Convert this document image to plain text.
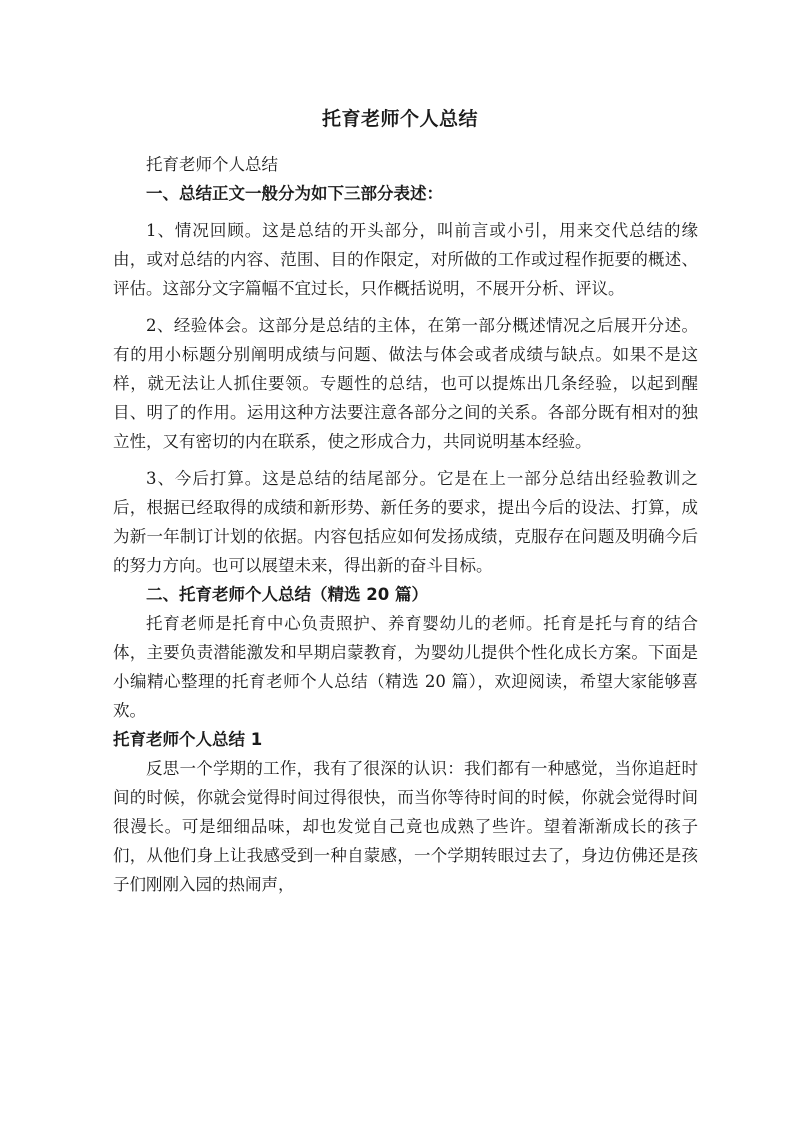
托育老师个人总结

托育老师个人总结

一、总结正文一般分为如下三部分表述：

1、情况回顾。这是总结的开头部分，叫前言或小引，用来交代总结的缘由，或对总结的内容、范围、目的作限定，对所做的工作或过程作扼要的概述、评估。这部分文字篇幅不宜过长，只作概括说明，不展开分析、评议。

2、经验体会。这部分是总结的主体，在第一部分概述情况之后展开分述。有的用小标题分别阐明成绩与问题、做法与体会或者成绩与缺点。如果不是这样，就无法让人抓住要领。专题性的总结，也可以提炼出几条经验，以起到醒目、明了的作用。运用这种方法要注意各部分之间的关系。各部分既有相对的独立性，又有密切的内在联系，使之形成合力，共同说明基本经验。

3、今后打算。这是总结的结尾部分。它是在上一部分总结出经验教训之后，根据已经取得的成绩和新形势、新任务的要求，提出今后的设法、打算，成为新一年制订计划的依据。内容包括应如何发扬成绩，克服存在问题及明确今后的努力方向。也可以展望未来，得出新的奋斗目标。

二、托育老师个人总结（精选 20 篇）

托育老师是托育中心负责照护、养育婴幼儿的老师。托育是托与育的结合体，主要负责潜能激发和早期启蒙教育，为婴幼儿提供个性化成长方案。下面是小编精心整理的托育老师个人总结（精选 20 篇），欢迎阅读，希望大家能够喜欢。

托育老师个人总结 1

反思一个学期的工作，我有了很深的认识：我们都有一种感觉，当你追赶时间的时候，你就会觉得时间过得很快，而当你等待时间的时候，你就会觉得时间很漫长。可是细细品味，却也发觉自己竟也成熟了些许。望着渐渐成长的孩子们，从他们身上让我感受到一种自蒙感，一个学期转眼过去了，身边仿佛还是孩子们刚刚入园的热闹声，
